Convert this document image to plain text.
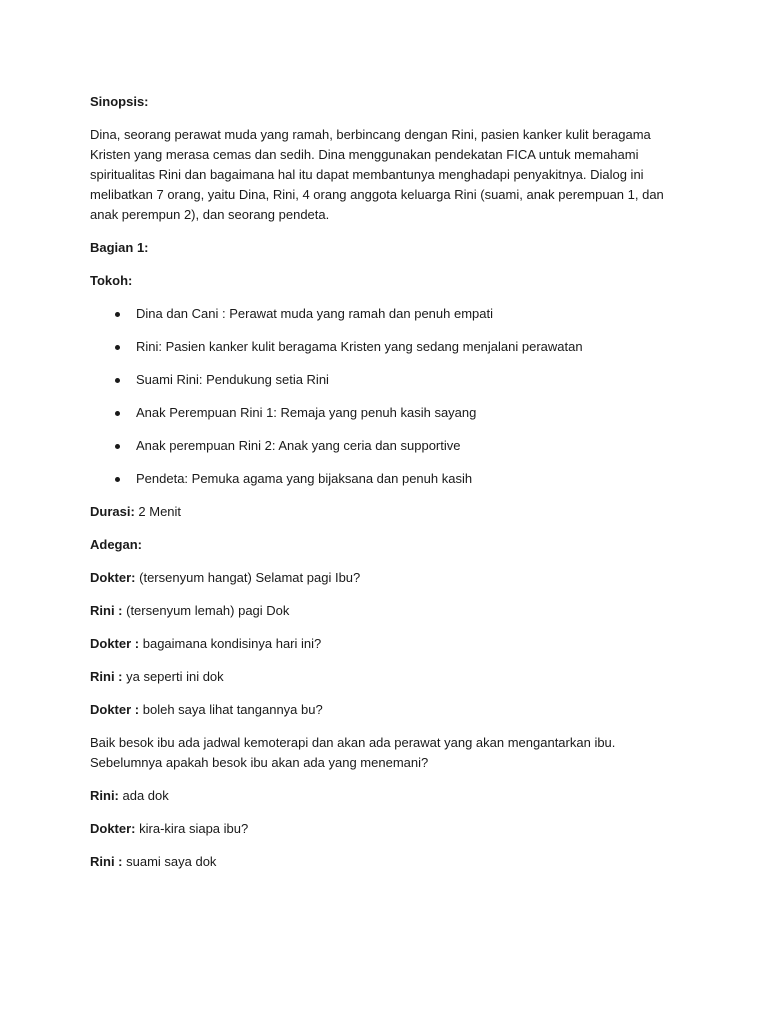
Sinopsis:

Dina, seorang perawat muda yang ramah, berbincang dengan Rini, pasien kanker kulit beragama Kristen yang merasa cemas dan sedih. Dina menggunakan pendekatan FICA untuk memahami spiritualitas Rini dan bagaimana hal itu dapat membantunya menghadapi penyakitnya. Dialog ini melibatkan 7 orang, yaitu Dina, Rini, 4 orang anggota keluarga Rini (suami, anak perempuan 1, dan anak perempun 2), dan seorang pendeta.

Bagian 1:

Tokoh:

Dina dan Cani : Perawat muda yang ramah dan penuh empati
Rini: Pasien kanker kulit beragama Kristen yang sedang menjalani perawatan
Suami Rini: Pendukung setia Rini
Anak Perempuan Rini 1: Remaja yang penuh kasih sayang
Anak perempuan Rini 2: Anak yang ceria dan supportive
Pendeta: Pemuka agama yang bijaksana dan penuh kasih

Durasi: 2 Menit

Adegan:

Dokter: (tersenyum hangat) Selamat pagi Ibu?

Rini : (tersenyum lemah) pagi Dok

Dokter : bagaimana kondisinya hari ini?

Rini : ya seperti ini dok

Dokter : boleh saya lihat tangannya bu?

Baik besok ibu ada jadwal kemoterapi dan akan ada perawat yang akan mengantarkan ibu. Sebelumnya apakah besok ibu akan ada yang menemani?

Rini: ada dok

Dokter: kira-kira siapa ibu?

Rini : suami saya dok
